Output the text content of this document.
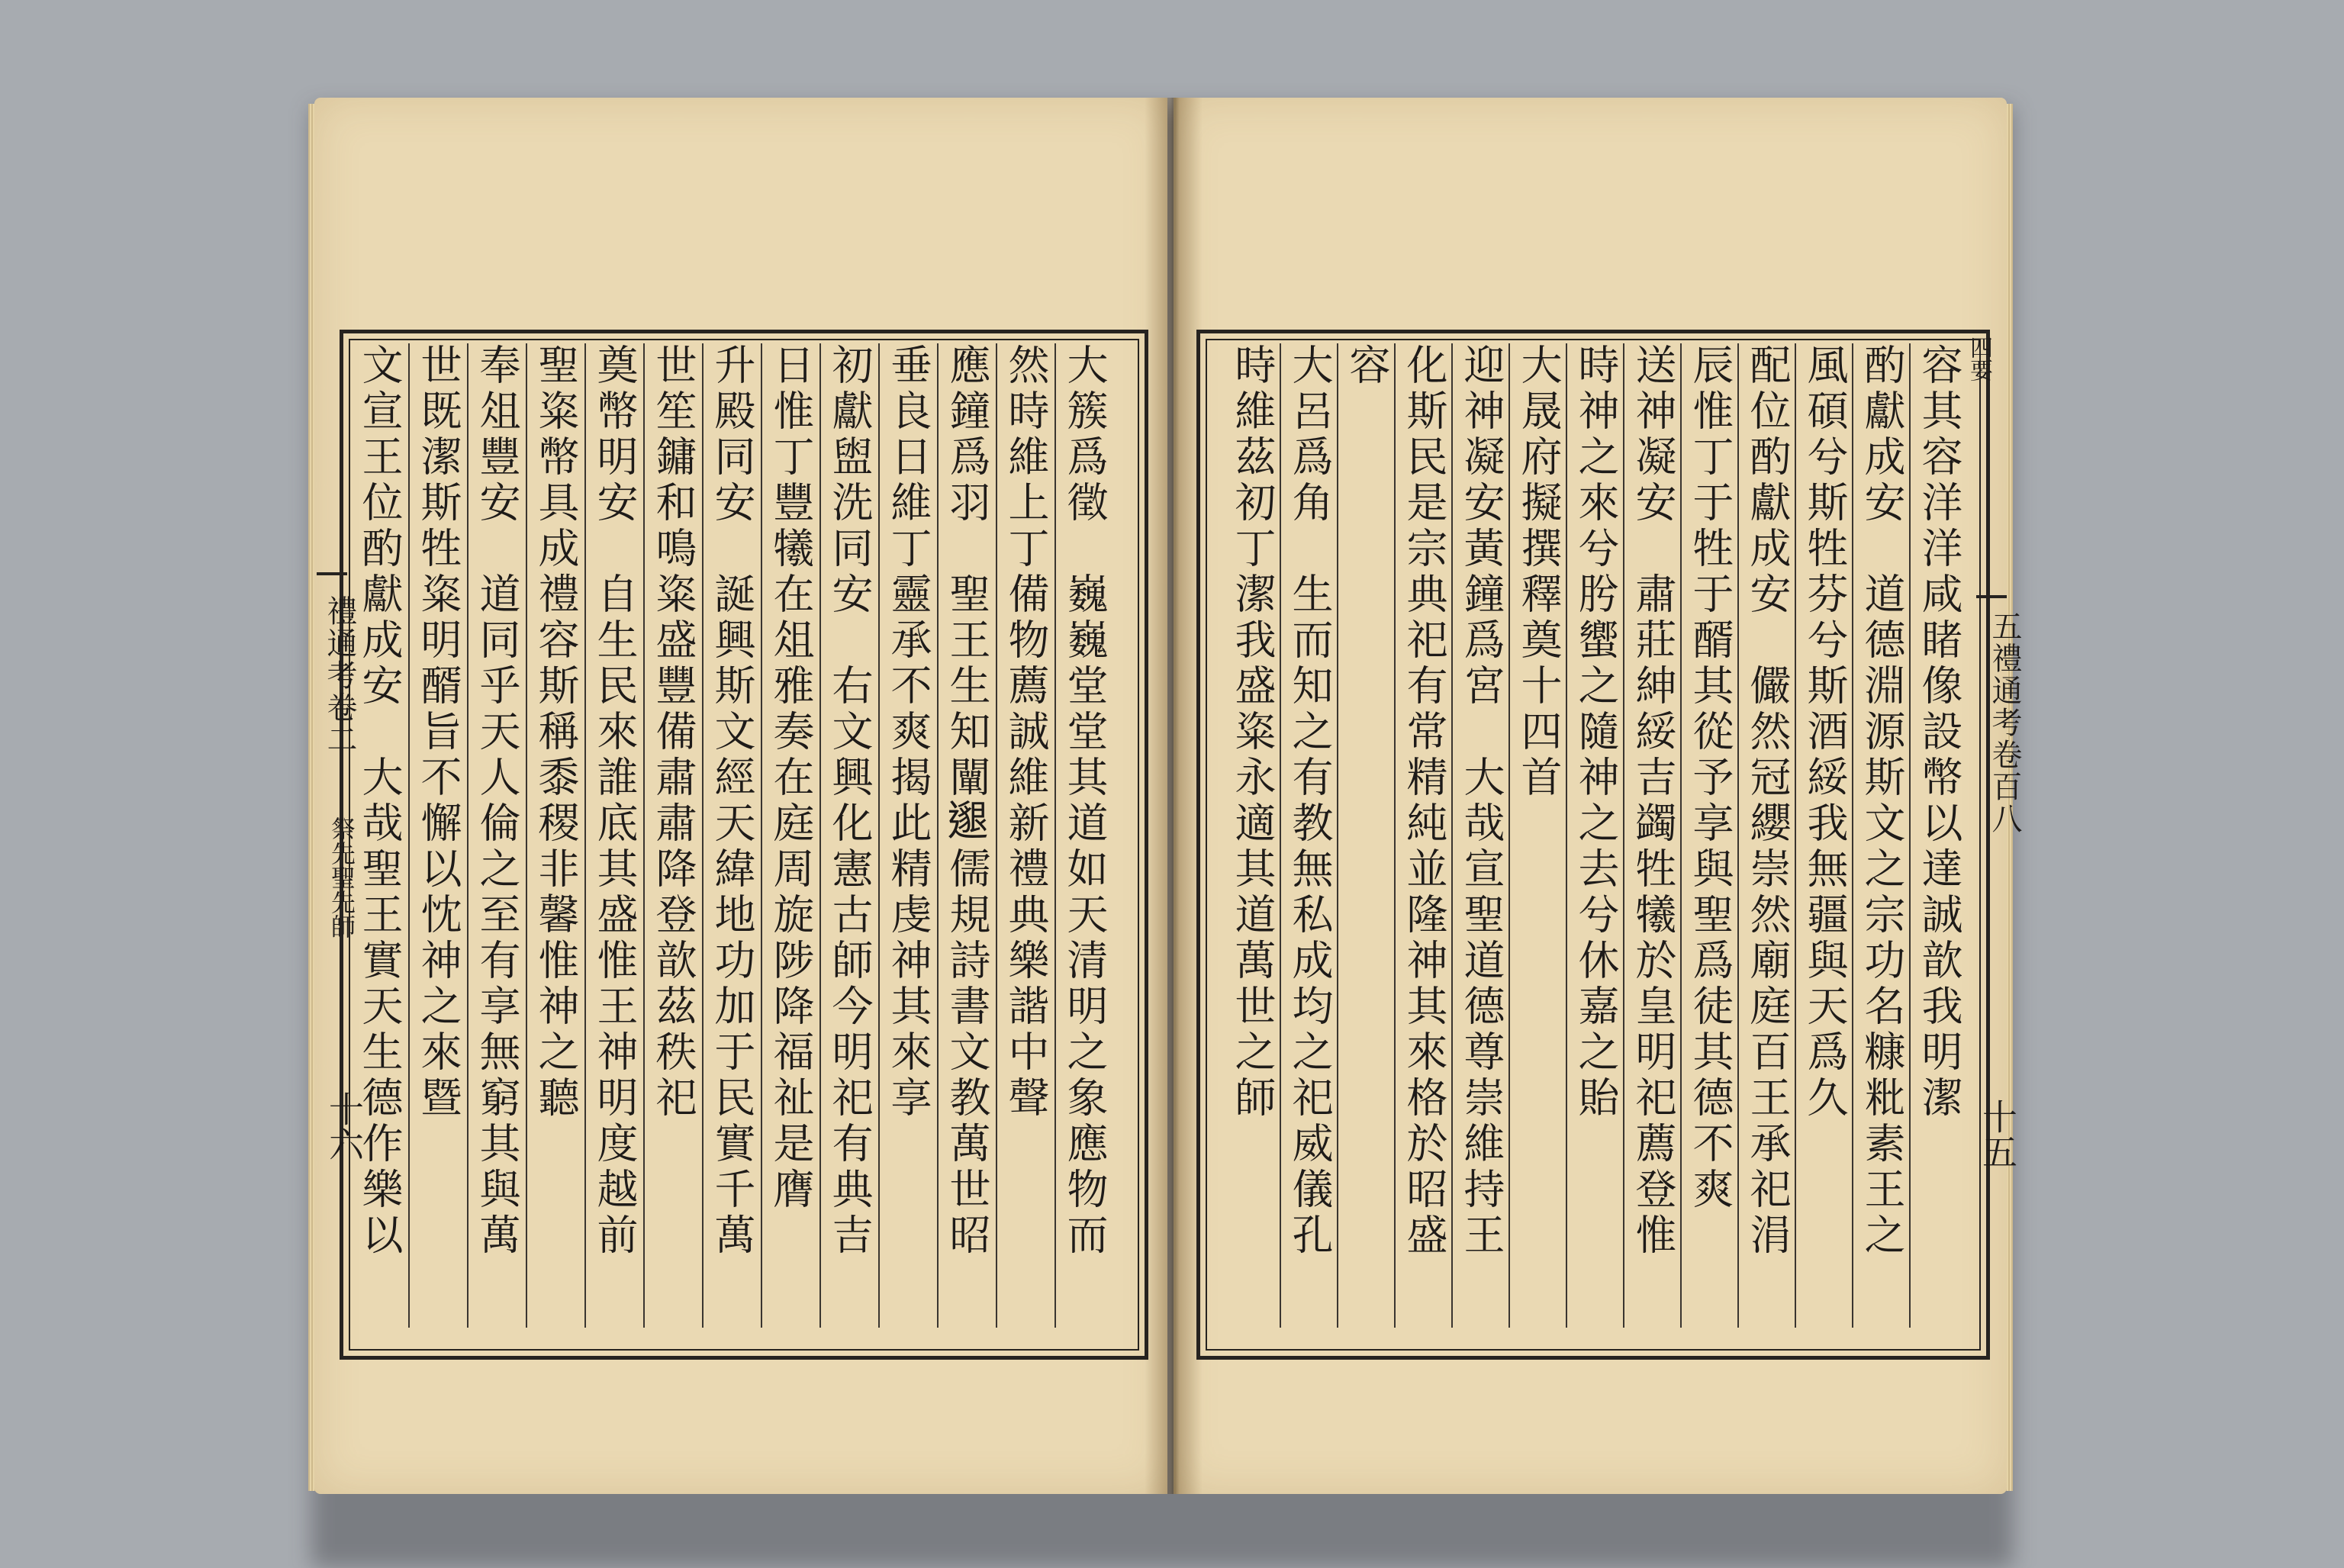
大簇爲徵　巍巍堂堂其道如天清明之象應物而
然時維上丁備物薦誠維新禮典樂諧中聲
應鐘爲羽　聖王生知闡𨗿儒規詩書文教萬世昭
垂良日維丁靈承不爽揭此精虔神其來享
初獻盥洗同安　右文興化憲古師今明祀有典吉
日惟丁豐犧在俎雅奏在庭周旋陟降福祉是膺
升殿同安　誕興斯文經天緯地功加于民實千萬
世笙鏞和鳴粢盛豐備肅肅降登歆茲秩祀
奠幣明安　自生民來誰底其盛惟王神明度越前
聖粢幣具成禮容斯稱黍稷非馨惟神之聽
奉俎豐安　道同乎天人倫之至有享無窮其與萬
世既潔斯牲粢明醑旨不懈以忱神之來暨
文宣王位酌獻成安　大哉聖王實天生德作樂以
禮通考卷二
祭先聖先師
十六
容其容洋洋咸睹像設幣以達誠歆我明潔
酌獻成安　道德淵源斯文之宗功名糠粃素王之
風碩兮斯牲芬兮斯酒綏我無疆與天爲久
配位酌獻成安　儼然冠纓崇然廟庭百王承祀涓
辰惟丁于牲于醑其從予享與聖爲徒其德不爽
送神凝安　肅莊紳綏吉蠲牲犧於皇明祀薦登惟
時神之來兮肹蠁之隨神之去兮休嘉之貽
大晟府擬撰釋奠十四首
迎神凝安黃鐘爲宮　大哉宣聖道德尊崇維持王
化斯民是宗典祀有常精純並隆神其來格於昭盛
容
大呂爲角　生而知之有教無私成均之祀威儀孔
時維茲初丁潔我盛粢永適其道萬世之師	四要
五禮通考卷百八
十五
